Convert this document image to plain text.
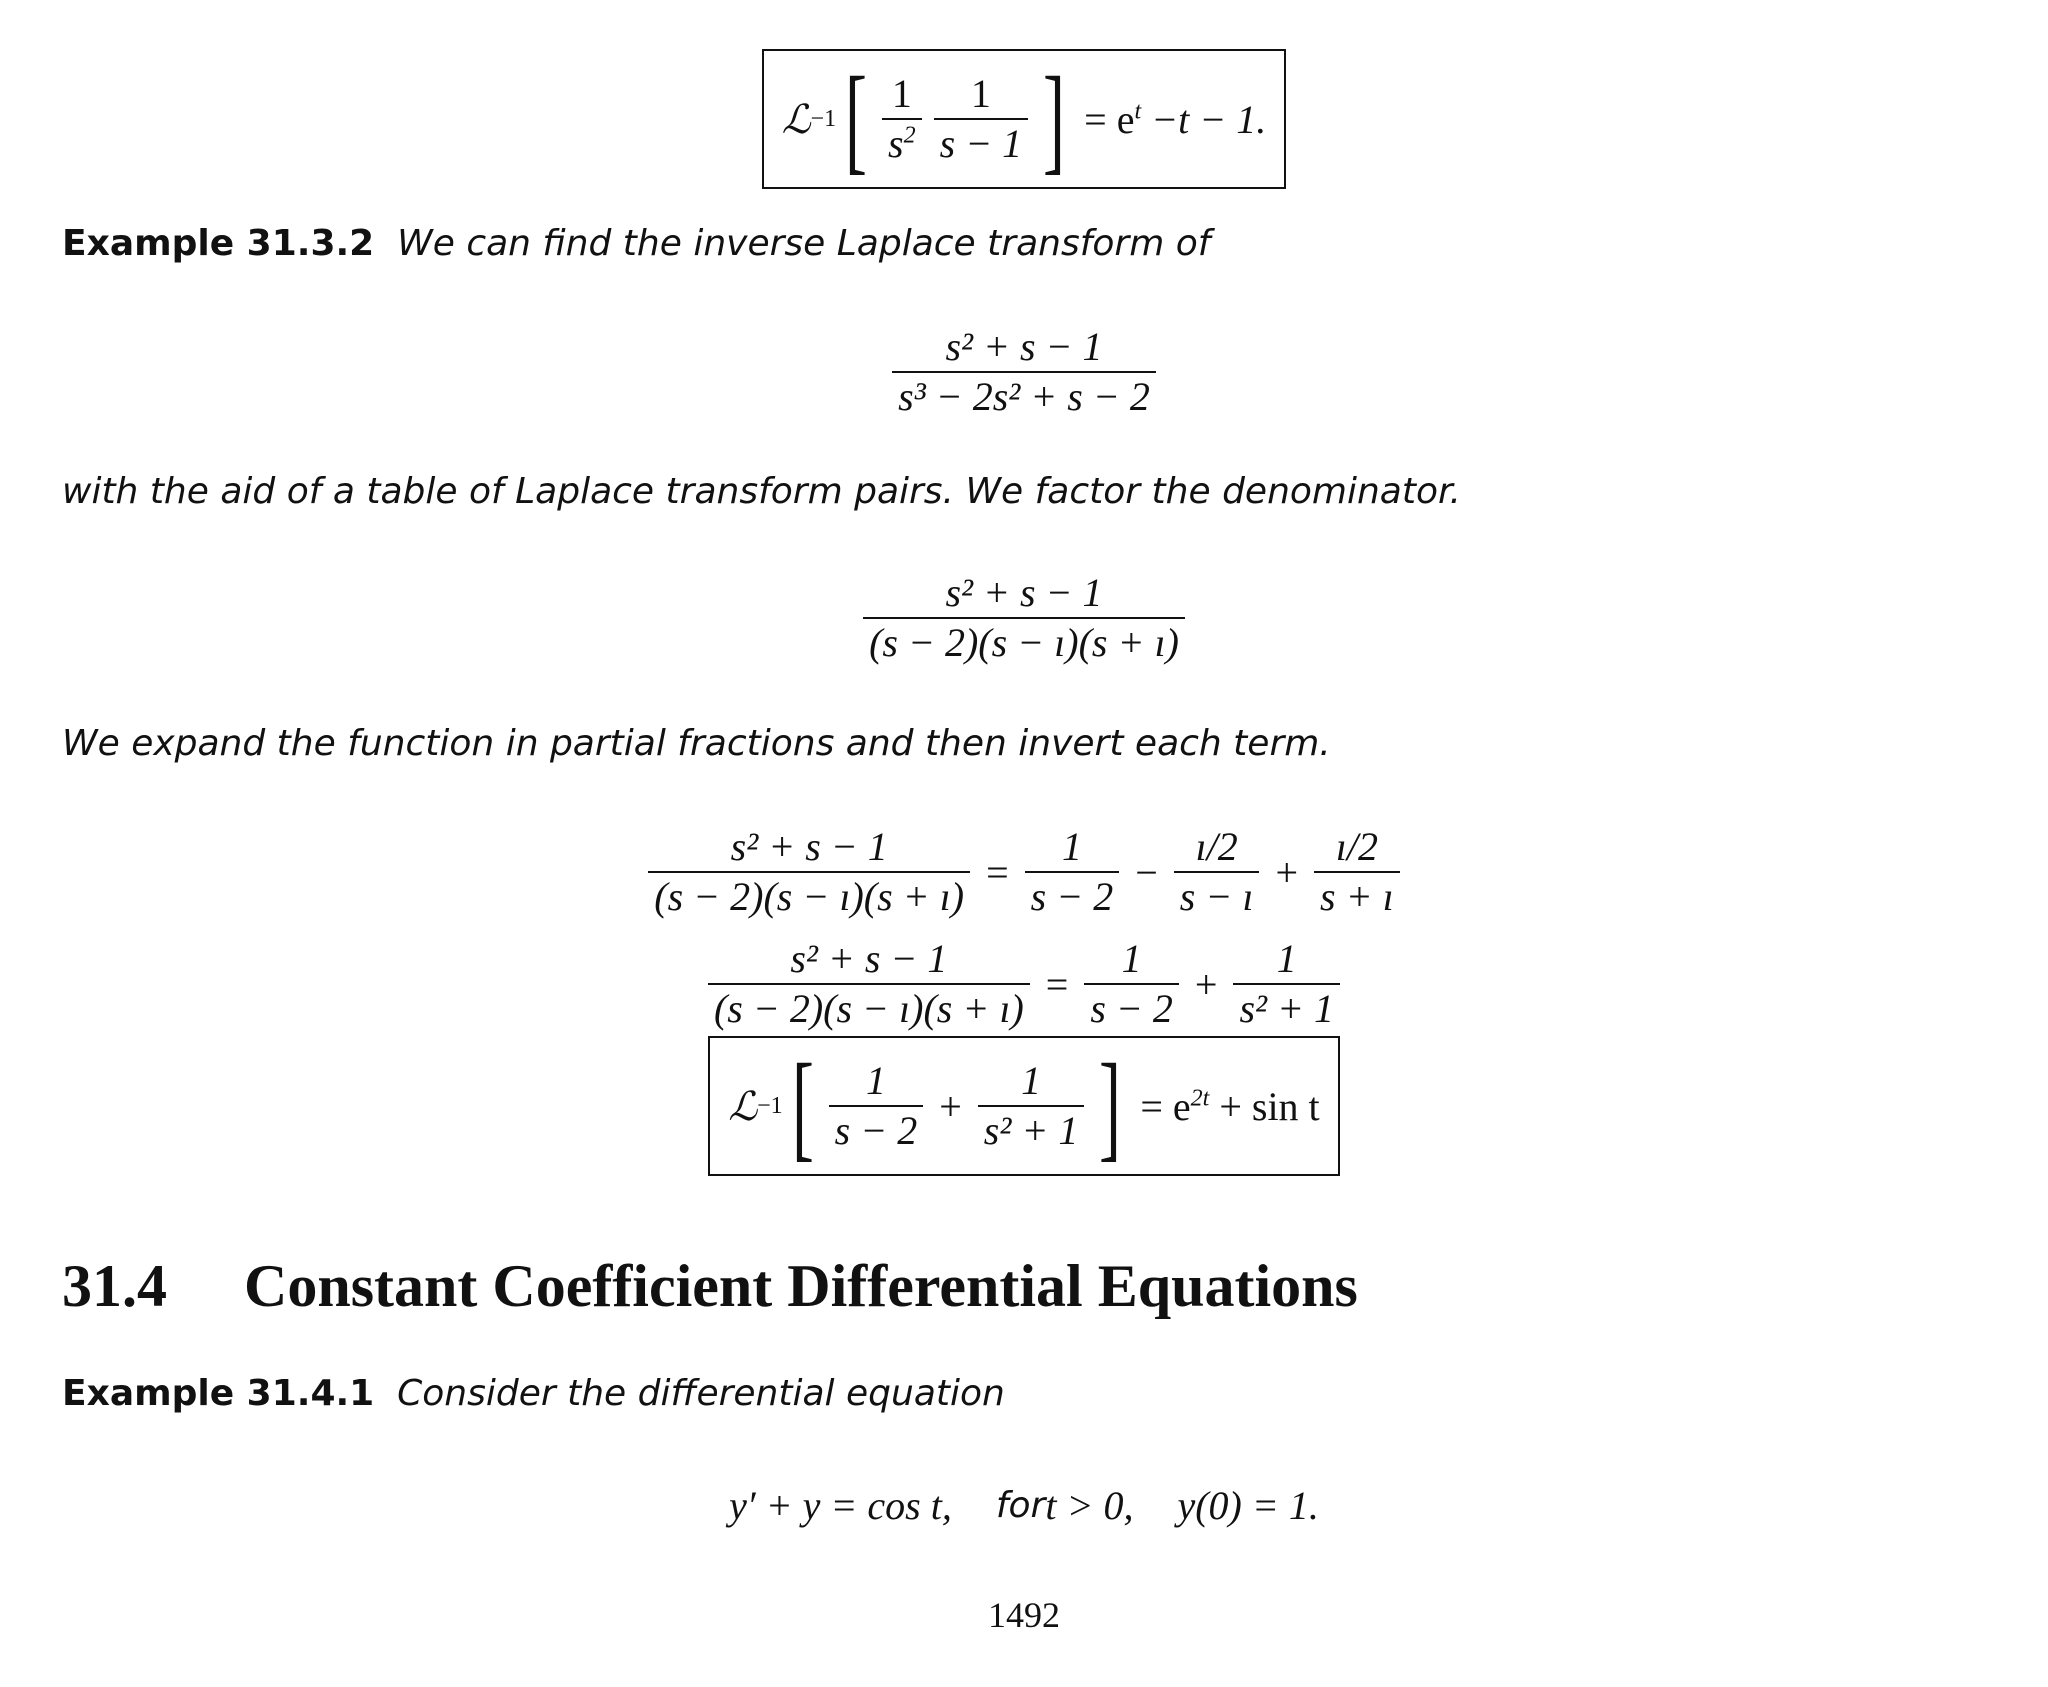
ℒ −1 [ $\frac{1}{s^2} \frac{1}{s - 1}$ ] = $e^t -t - 1$.
Example 31.3.2 We can find the inverse Laplace transform of
$\frac{\text{s² + s − 1}}{\text{s³ − 2s² + s − 2}}$
with the aid of a table of Laplace transform pairs. We factor the denominator.
$\frac{\text{s² + s − 1}}{(s - 2)(s - ı)(s + ı)}$
We expand the function in partial fractions and then invert each term.
$\frac{\text{s² + s − 1}}{(s - 2)(s - ı)(s + ı)} = \frac{1}{s - 2} - \frac{ı/2}{s - ı} + \frac{ı/2}{s + ı}$
$\frac{\text{s² + s − 1}}{(s - 2)(s - ı)(s + ı)} = \frac{1}{s - 2} + \frac{1}{\text{s² + 1}}$
ℒ −1 [ $\frac{1}{s - 2} + \frac{1}{\text{s² + 1}}$ ] = $e^{2t} + \sin t$
31.4 Constant Coefficient Differential Equations
Example 31.4.1 Consider the differential equation
y′ + y = cos t, for t > 0, y(0) = 1.
1492
